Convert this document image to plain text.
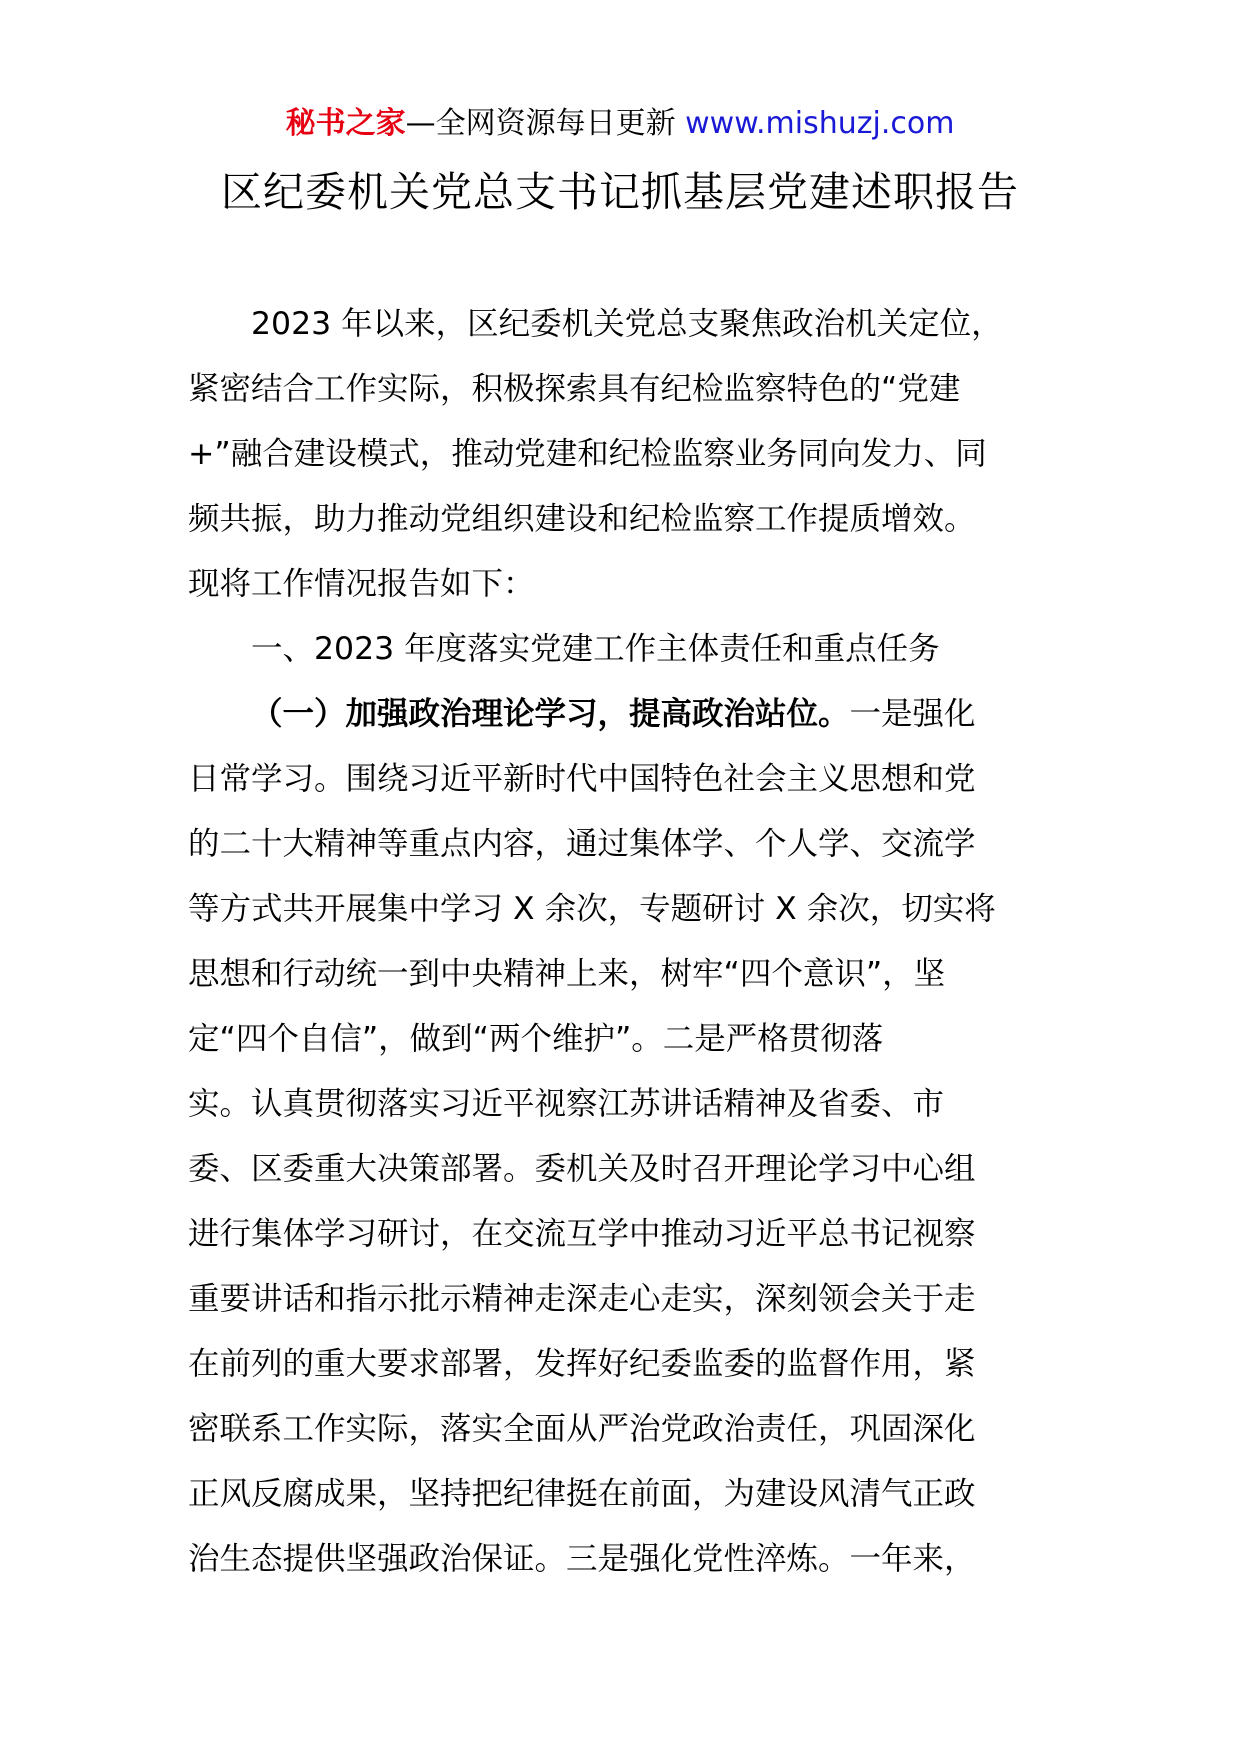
秘书之家—全网资源每日更新 www.mishuzj.com
区纪委机关党总支书记抓基层党建述职报告
2023 年以来，区纪委机关党总支聚焦政治机关定位，
紧密结合工作实际，积极探索具有纪检监察特色的“党建
+”融合建设模式，推动党建和纪检监察业务同向发力、同
频共振，助力推动党组织建设和纪检监察工作提质增效。
现将工作情况报告如下：
一、2023 年度落实党建工作主体责任和重点任务
（一）加强政治理论学习，提高政治站位。一是强化
日常学习。围绕习近平新时代中国特色社会主义思想和党
的二十大精神等重点内容，通过集体学、个人学、交流学
等方式共开展集中学习 X 余次，专题研讨 X 余次，切实将
思想和行动统一到中央精神上来，树牢“四个意识”，坚
定“四个自信”，做到“两个维护”。二是严格贯彻落
实。认真贯彻落实习近平视察江苏讲话精神及省委、市
委、区委重大决策部署。委机关及时召开理论学习中心组
进行集体学习研讨，在交流互学中推动习近平总书记视察
重要讲话和指示批示精神走深走心走实，深刻领会关于走
在前列的重大要求部署，发挥好纪委监委的监督作用，紧
密联系工作实际，落实全面从严治党政治责任，巩固深化
正风反腐成果，坚持把纪律挺在前面，为建设风清气正政
治生态提供坚强政治保证。三是强化党性淬炼。一年来，
